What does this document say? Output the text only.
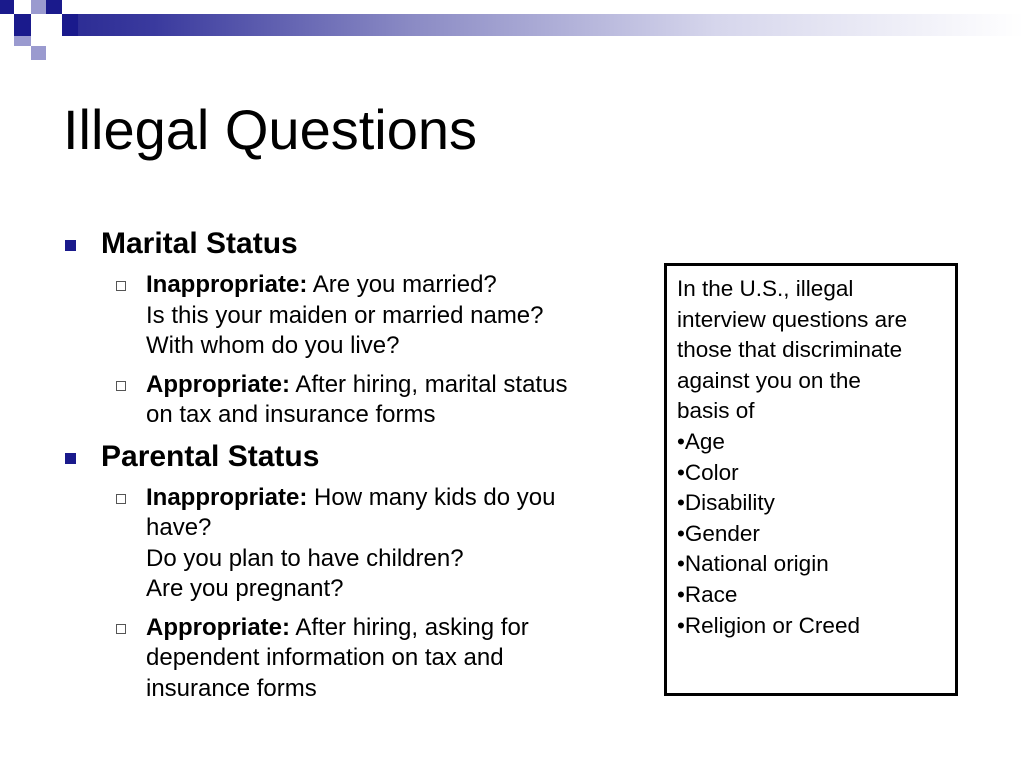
Illegal Questions
Marital Status
Inappropriate: Are you married?
Is this your maiden or married name?
With whom do you live?
Appropriate: After hiring, marital status
on tax and insurance forms
Parental Status
Inappropriate: How many kids do you
have?
Do you plan to have children?
Are you pregnant?
Appropriate: After hiring, asking for
dependent information on tax and
insurance forms
In the U.S., illegal
interview questions are
those that discriminate
against you on the
basis of
•Age
•Color
•Disability
•Gender
•National origin
•Race
•Religion or Creed
